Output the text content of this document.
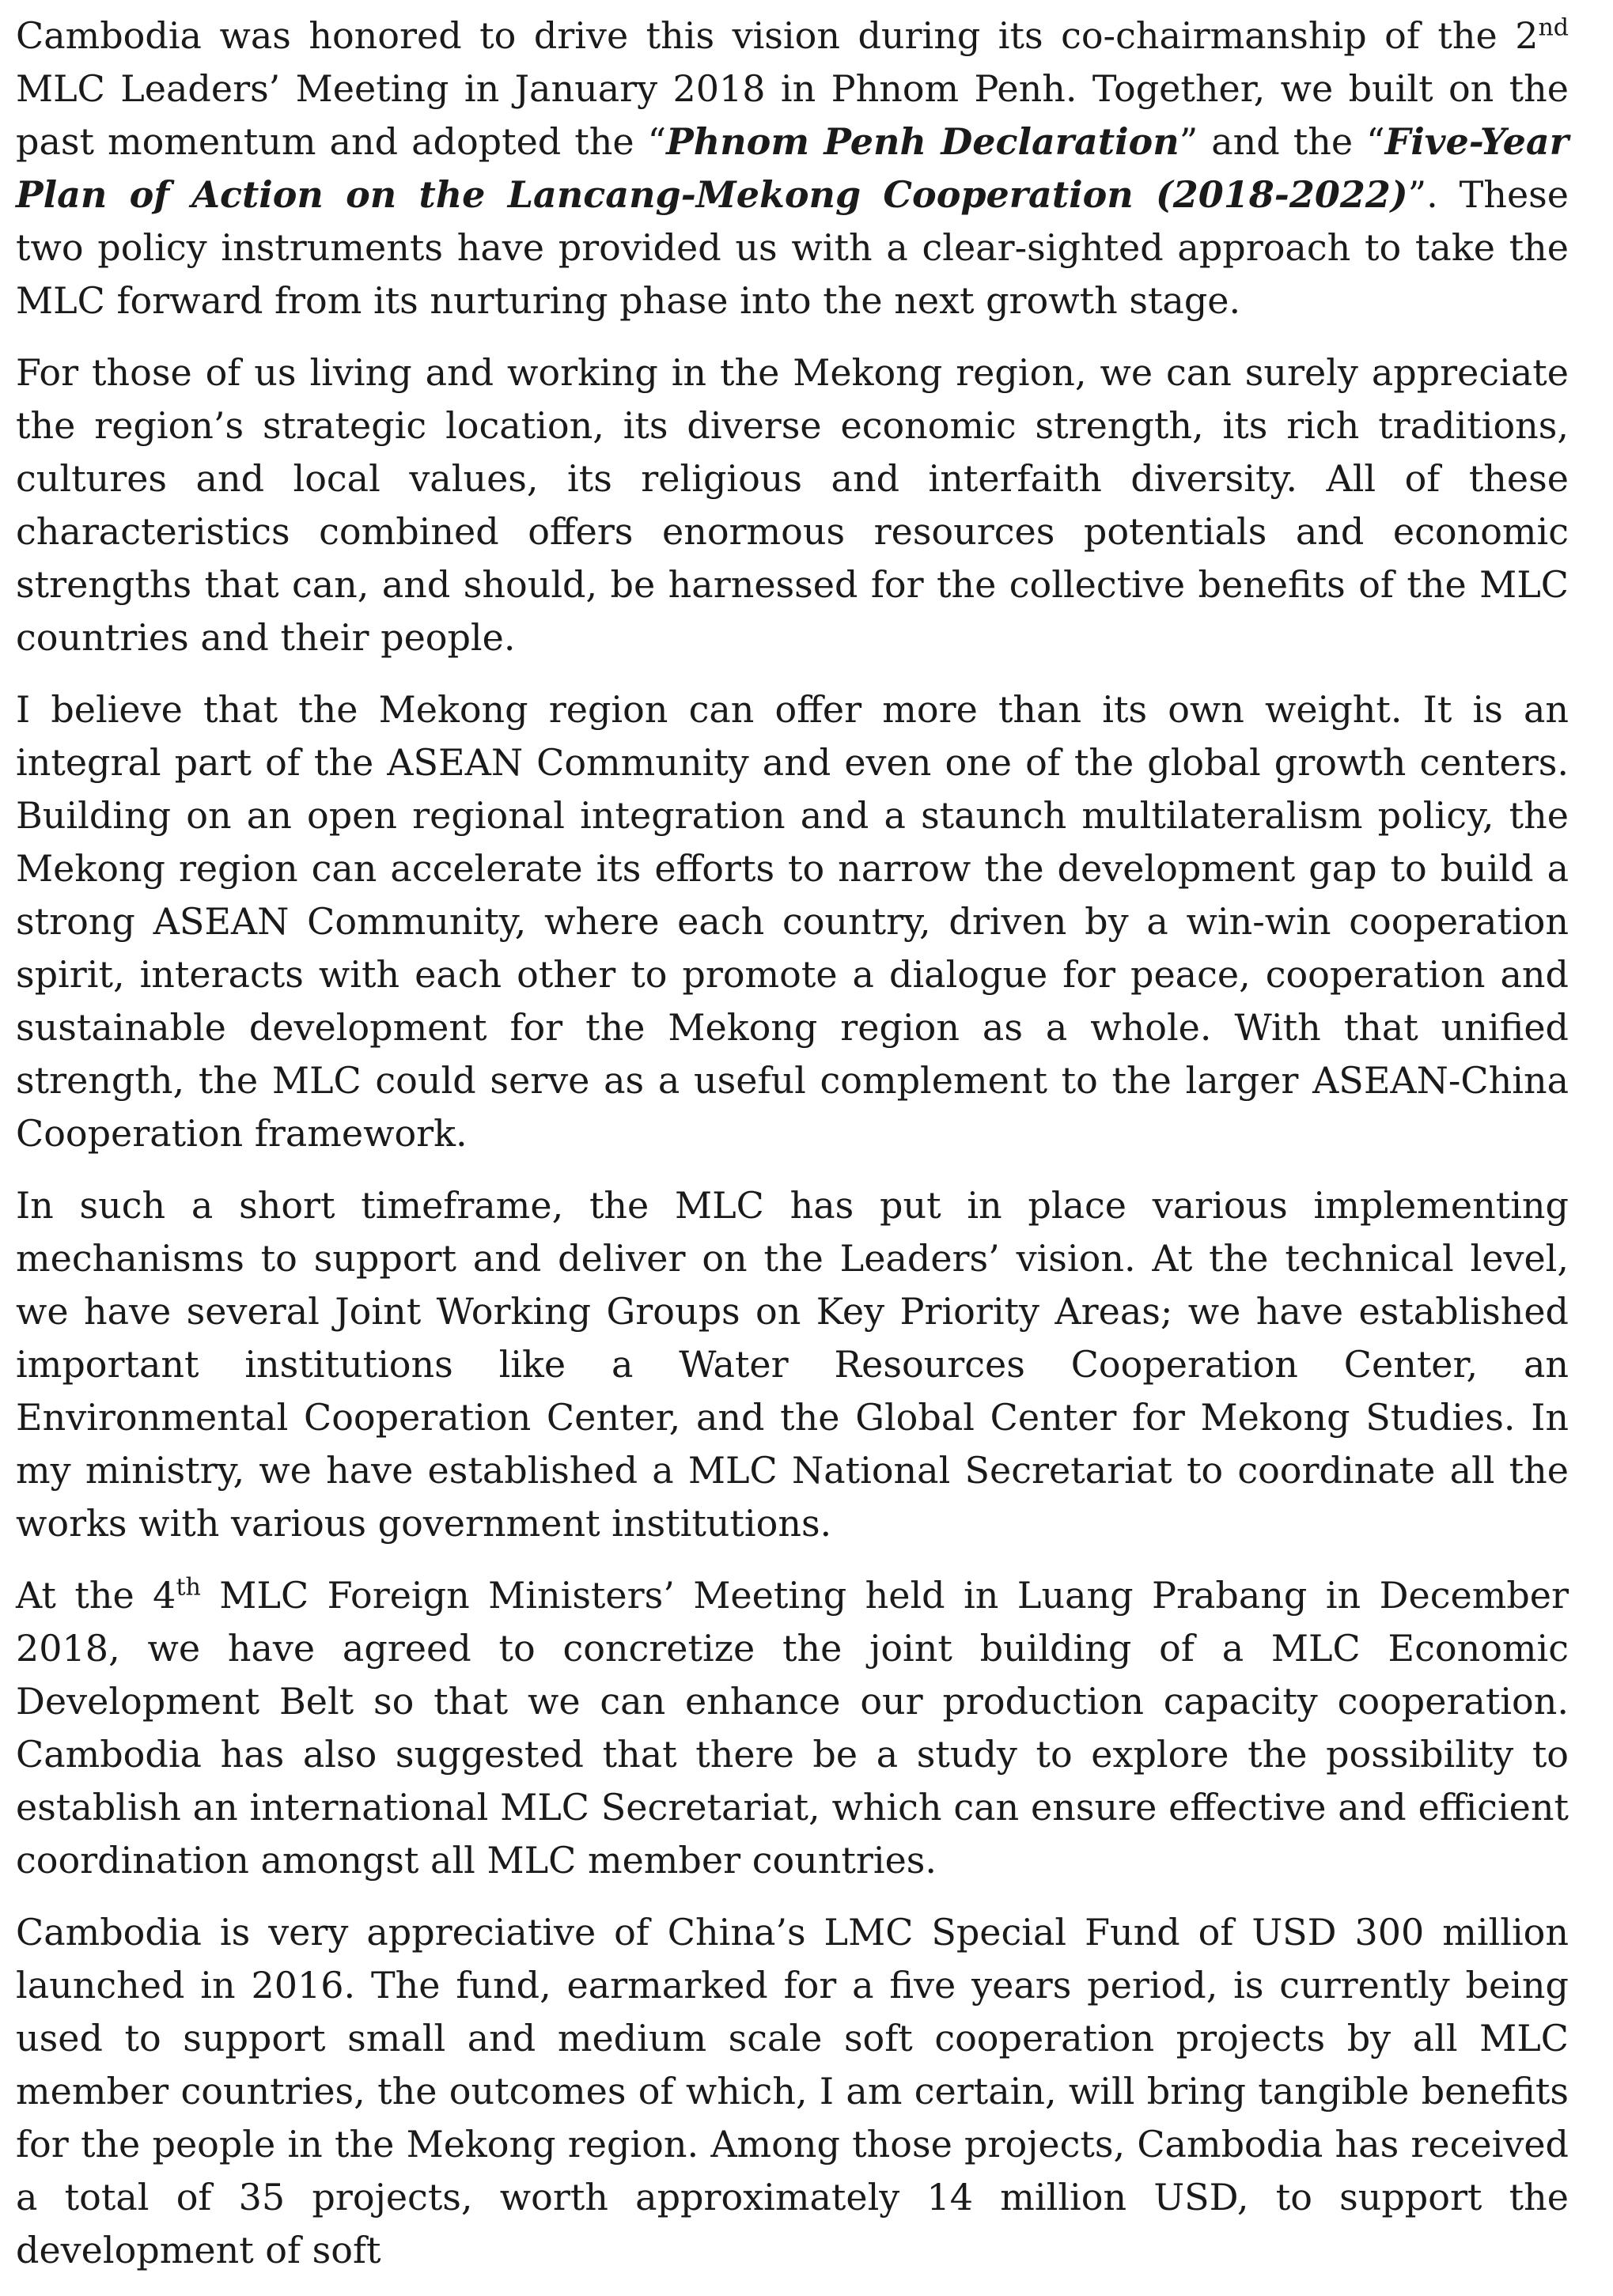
Cambodia was honored to drive this vision during its co-chairmanship of the 2nd MLC Leaders’ Meeting in January 2018 in Phnom Penh. Together, we built on the past momentum and adopted the “Phnom Penh Declaration” and the “Five-Year Plan of Action on the Lancang-Mekong Cooperation (2018-2022)”. These two policy instruments have provided us with a clear-sighted approach to take the MLC forward from its nurturing phase into the next growth stage.

For those of us living and working in the Mekong region, we can surely appreciate the region’s strategic location, its diverse economic strength, its rich traditions, cultures and local values, its religious and interfaith diversity. All of these characteristics combined offers enormous resources potentials and economic strengths that can, and should, be harnessed for the collective benefits of the MLC countries and their people.

I believe that the Mekong region can offer more than its own weight. It is an integral part of the ASEAN Community and even one of the global growth centers. Building on an open regional integration and a staunch multilateralism policy, the Mekong region can accelerate its efforts to narrow the development gap to build a strong ASEAN Community, where each country, driven by a win-win cooperation spirit, interacts with each other to promote a dialogue for peace, cooperation and sustainable development for the Mekong region as a whole. With that unified strength, the MLC could serve as a useful complement to the larger ASEAN-China Cooperation framework.

In such a short timeframe, the MLC has put in place various implementing mechanisms to support and deliver on the Leaders’ vision. At the technical level, we have several Joint Working Groups on Key Priority Areas; we have established important institutions like a Water Resources Cooperation Center, an Environmental Cooperation Center, and the Global Center for Mekong Studies. In my ministry, we have established a MLC National Secretariat to coordinate all the works with various government institutions.

At the 4th MLC Foreign Ministers’ Meeting held in Luang Prabang in December 2018, we have agreed to concretize the joint building of a MLC Economic Development Belt so that we can enhance our production capacity cooperation. Cambodia has also suggested that there be a study to explore the possibility to establish an international MLC Secretariat, which can ensure effective and efficient coordination amongst all MLC member countries.

Cambodia is very appreciative of China’s LMC Special Fund of USD 300 million launched in 2016. The fund, earmarked for a five years period, is currently being used to support small and medium scale soft cooperation projects by all MLC member countries, the outcomes of which, I am certain, will bring tangible benefits for the people in the Mekong region. Among those projects, Cambodia has received a total of 35 projects, worth approximately 14 million USD, to support the development of soft
